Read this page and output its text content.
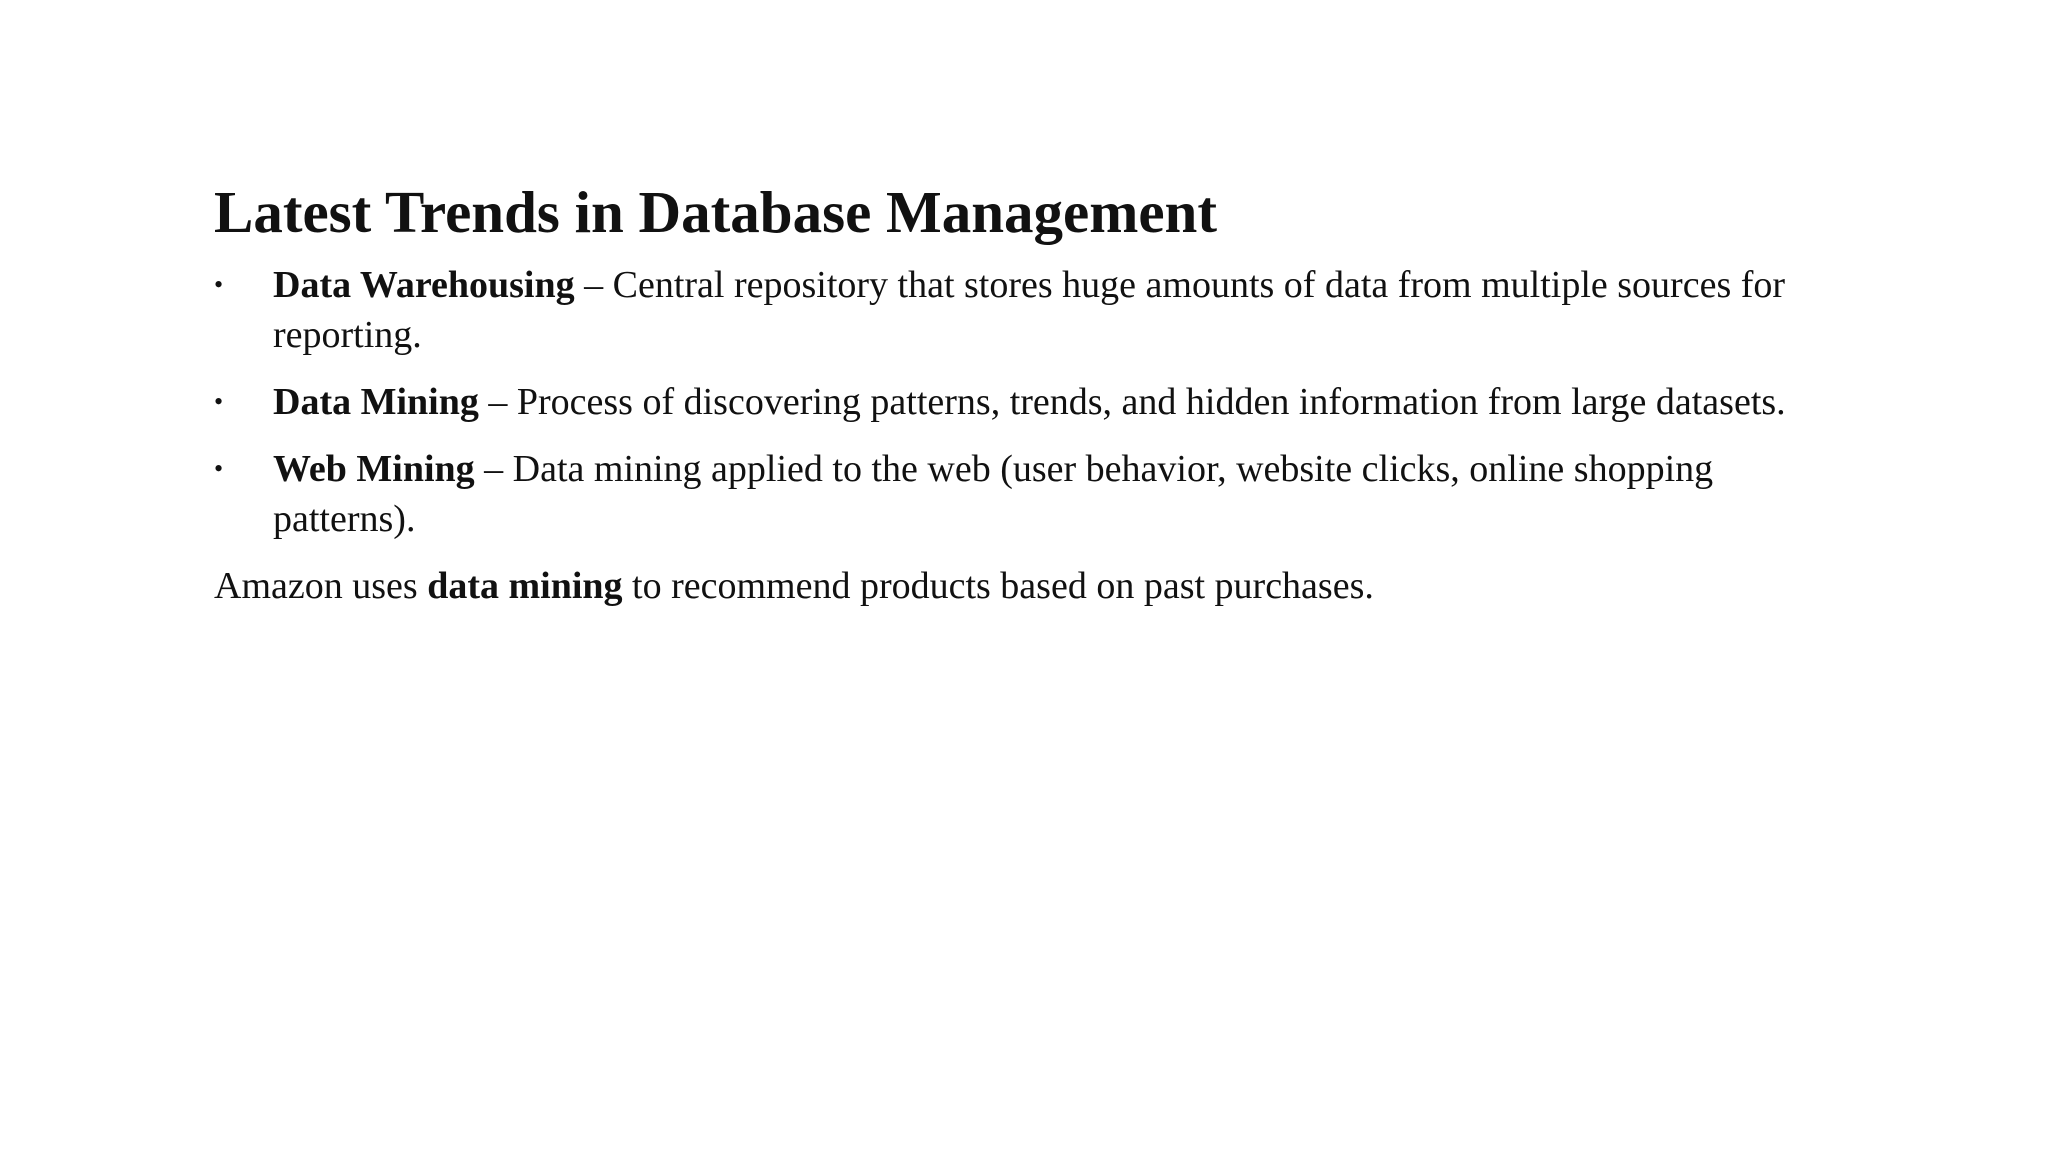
Latest Trends in Database Management
• Data Warehousing – Central repository that stores huge amounts of data from multiple sources for reporting.
• Data Mining – Process of discovering patterns, trends, and hidden information from large datasets.
• Web Mining – Data mining applied to the web (user behavior, website clicks, online shopping patterns).

Amazon uses data mining to recommend products based on past purchases.
